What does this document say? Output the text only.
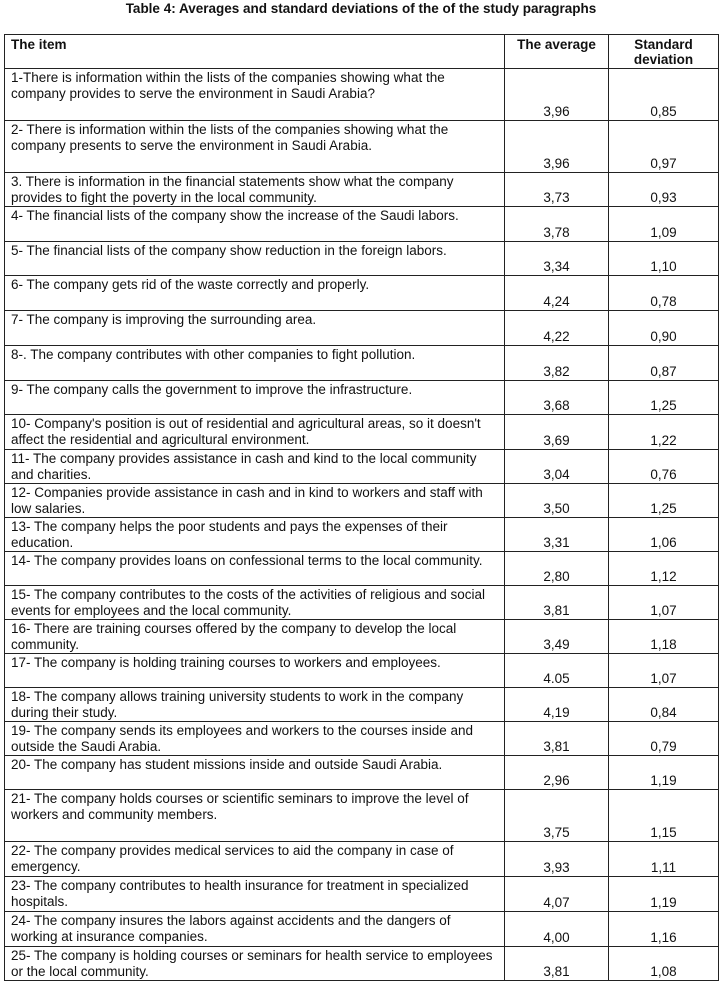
Table 4: Averages and standard deviations of the of the study paragraphs
The item	The average	Standard deviation
1-There is information within the lists of the companies showing what the company provides to serve the environment in Saudi Arabia?	3,96	0,85
2- There is information within the lists of the companies showing what the company presents to serve the environment in Saudi Arabia.	3,96	0,97
3. There is information in the financial statements show what the company provides to fight the poverty in the local community.	3,73	0,93
4- The financial lists of the company show the increase of the Saudi labors.	3,78	1,09
5- The financial lists of the company show reduction in the foreign labors.	3,34	1,10
6- The company gets rid of the waste correctly and properly.	4,24	0,78
7- The company is improving the surrounding area.	4,22	0,90
8-. The company contributes with other companies to fight pollution.	3,82	0,87
9- The company calls the government to improve the infrastructure.	3,68	1,25
10- Company's position is out of residential and agricultural areas, so it doesn't affect the residential and agricultural environment.	3,69	1,22
11- The company provides assistance in cash and kind to the local community and charities.	3,04	0,76
12- Companies provide assistance in cash and in kind to workers and staff with low salaries.	3,50	1,25
13- The company helps the poor students and pays the expenses of their education.	3,31	1,06
14- The company provides loans on confessional terms to the local community.	2,80	1,12
15- The company contributes to the costs of the activities of religious and social events for employees and the local community.	3,81	1,07
16- There are training courses offered by the company to develop the local community.	3,49	1,18
17- The company is holding training courses to workers and employees.	4.05	1,07
18- The company allows training university students to work in the company during their study.	4,19	0,84
19- The company sends its employees and workers to the courses inside and outside the Saudi Arabia.	3,81	0,79
20- The company has student missions inside and outside Saudi Arabia.	2,96	1,19
21- The company holds courses or scientific seminars to improve the level of workers and community members.	3,75	1,15
22- The company provides medical services to aid the company in case of emergency.	3,93	1,11
23- The company contributes to health insurance for treatment in specialized hospitals.	4,07	1,19
24- The company insures the labors against accidents and the dangers of working at insurance companies.	4,00	1,16
25- The company is holding courses or seminars for health service to employees or the local community.	3,81	1,08
